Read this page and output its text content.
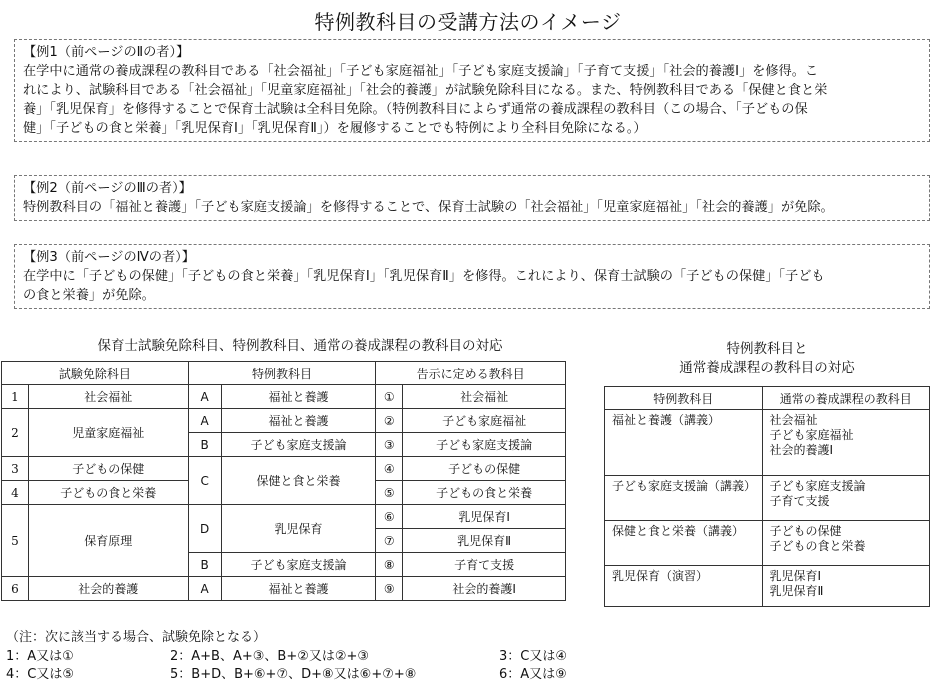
特例教科目の受講方法のイメージ
【例1（前ページのⅡの者）】
在学中に通常の養成課程の教科目である「社会福祉」「子ども家庭福祉」「子ども家庭支援論」「子育て支援」「社会的養護Ⅰ」を修得。こ
れにより、試験科目である「社会福祉」「児童家庭福祉」「社会的養護」が試験免除科目になる。また、特例教科目である「保健と食と栄
養」「乳児保育」を修得することで保育士試験は全科目免除。（特例教科目によらず通常の養成課程の教科目（この場合、「子どもの保
健」「子どもの食と栄養」「乳児保育Ⅰ」「乳児保育Ⅱ」）を履修することでも特例により全科目免除になる。）
【例2（前ページのⅢの者）】
特例教科目の「福祉と養護」「子ども家庭支援論」を修得することで、保育士試験の「社会福祉」「児童家庭福祉」「社会的養護」が免除。
【例3（前ページのⅣの者）】
在学中に「子どもの保健」「子どもの食と栄養」「乳児保育Ⅰ」「乳児保育Ⅱ」を修得。これにより、保育士試験の「子どもの保健」「子ども
の食と栄養」が免除。
保育士試験免除科目、特例教科目、通常の養成課程の教科目の対応
試験免除科目		特例教科目		告示に定める教科目	
1	社会福祉	A	福祉と養護	①	社会福祉
2	児童家庭福祉	A	福祉と養護	②	子ども家庭福祉
		B	子ども家庭支援論	③	子ども家庭支援論
3	子どもの保健	C	保健と食と栄養	④	子どもの保健
4	子どもの食と栄養			⑤	子どもの食と栄養
5	保育原理	D	乳児保育	⑥	乳児保育Ⅰ
				⑦	乳児保育Ⅱ
		B	子ども家庭支援論	⑧	子育て支援
6	社会的養護	A	福祉と養護	⑨	社会的養護Ⅰ
特例教科目と
通常養成課程の教科目の対応
特例教科目	通常の養成課程の教科目
福祉と養護（講義）	社会福祉
子ども家庭福祉
社会的養護Ⅰ

子ども家庭支援論（講義）	子ども家庭支援論
子育て支援

保健と食と栄養（講義）	子どもの保健
子どもの食と栄養

乳児保育（演習）	乳児保育Ⅰ
乳児保育Ⅱ
（注：次に該当する場合、試験免除となる）
1：A又は①	2：A+B、A+③、B+②又は②+③	3：C又は④
4：C又は⑤	5：B+D、B+⑥+⑦、D+⑧又は⑥+⑦+⑧	6：A又は⑨
